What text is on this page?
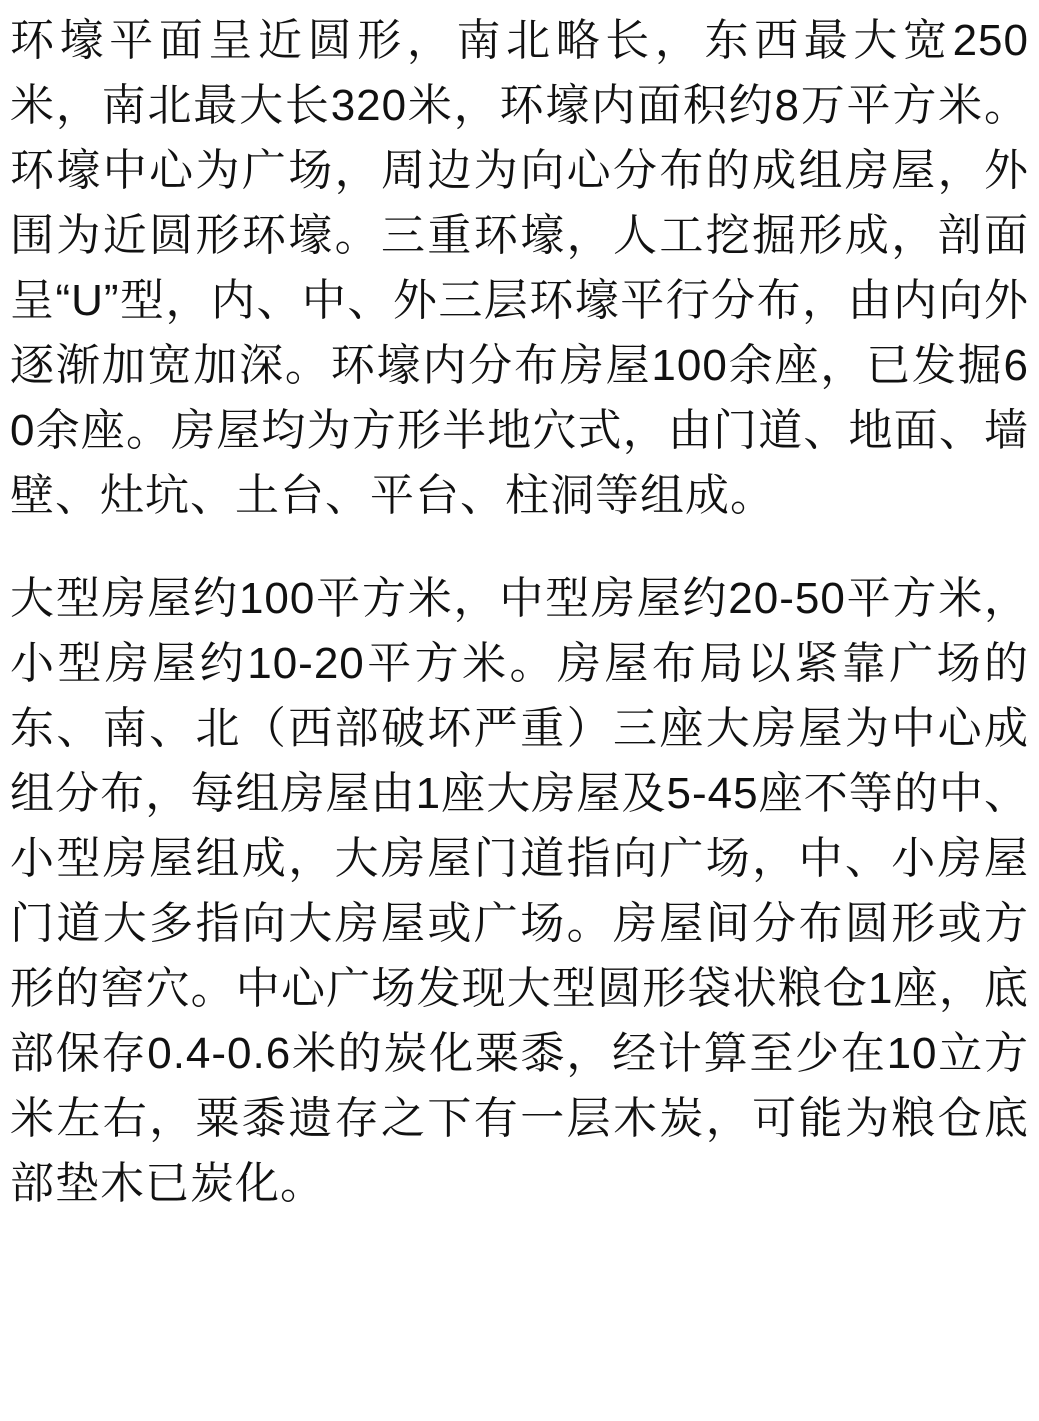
环壕平面呈近圆形，南北略长，东西最大宽250米，南北最大长320米，环壕内面积约8万平方米。环壕中心为广场，周边为向心分布的成组房屋，外围为近圆形环壕。三重环壕，人工挖掘形成，剖面呈“U”型，内、中、外三层环壕平行分布，由内向外逐渐加宽加深。环壕内分布房屋100余座，已发掘60余座。房屋均为方形半地穴式，由门道、地面、墙壁、灶坑、土台、平台、柱洞等组成。

大型房屋约100平方米，中型房屋约20-50平方米，小型房屋约10-20平方米。房屋布局以紧靠广场的东、南、北（西部破坏严重）三座大房屋为中心成组分布，每组房屋由1座大房屋及5-45座不等的中、小型房屋组成，大房屋门道指向广场，中、小房屋门道大多指向大房屋或广场。房屋间分布圆形或方形的窖穴。中心广场发现大型圆形袋状粮仓1座，底部保存0.4-0.6米的炭化粟黍，经计算至少在10立方米左右，粟黍遗存之下有一层木炭，可能为粮仓底部垫木已炭化。
